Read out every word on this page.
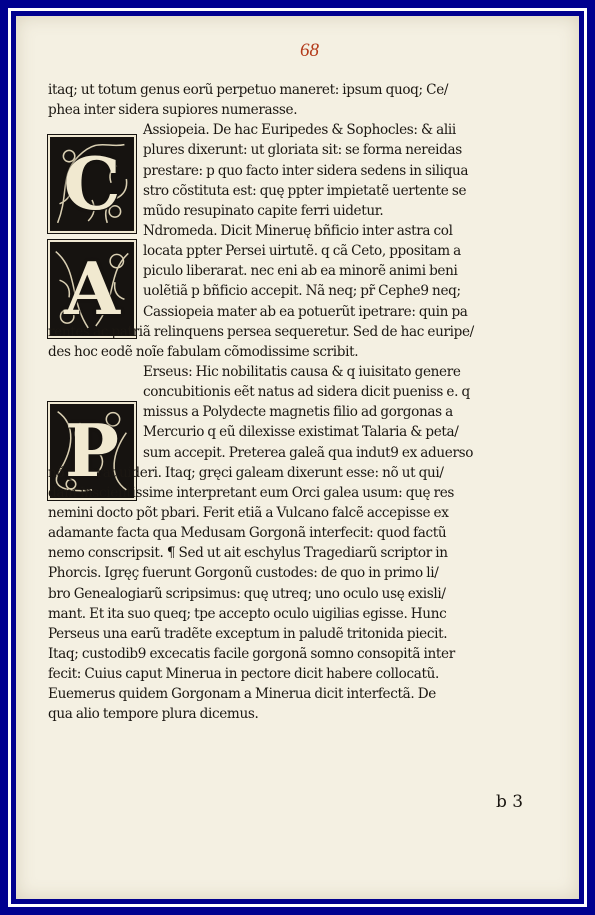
68
C
A
P
itaq; ut totum genus eorũ perpetuo maneret: ipsum quoq; Ce/
phea inter sidera supiores numerasse.
Assiopeia. De hac Euripedes & Sophocles: & alii
plures dixerunt: ut gloriata sit: se forma nereidas
prestare: p quo facto inter sidera sedens in siliqua
stro cõstituta est: quę ppter impietatẽ uertente se
mũdo resupinato capite ferri uidetur.
Ndromeda. Dicit Mineruę bñficio inter astra col
locata ppter Persei uirtutẽ. q cã Ceto, ppositam a
piculo liberarat. nec eni ab ea minorẽ animi beni
uolẽtiã p bñficio accepit. Nã neq; pr̃ Cephe9 neq;
Cassiopeia mater ab ea potuerũt ipetrare: quin pa
rentes ac patriã relinquens persea sequeretur. Sed de hac euripe/
des hoc eodẽ noĩe fabulam cõmodissime scribit.
Erseus: Hic nobilitatis causa & q iuisitato genere
concubitionis eẽt natus ad sidera dicit pueniss e. q
missus a Polydecte magnetis filio ad gorgonas a
Mercurio q eũ dilexisse existimat Talaria & peta/
sum accepit. Preterea galeã qua indut9 ex aduerso
nõ poterat uideri. Itaq; gręci galeam dixerunt esse: nõ ut qui/
dam inscientissime interpretant eum Orci galea usum: quę res
nemini docto põt pbari. Ferit etiã a Vulcano falcẽ accepisse ex
adamante facta qua Medusam Gorgonã interfecit: quod factũ
nemo conscripsit. ¶ Sed ut ait eschylus Tragediarũ scriptor in
Phorcis. Igręç fuerunt Gorgonũ custodes: de quo in primo li/
bro Genealogiarũ scripsimus: quę utreq; uno oculo usę exisli/
mant. Et ita suo queq; tpe accepto oculo uigilias egisse. Hunc
Perseus una earũ tradẽte exceptum in paludẽ tritonida piecit.
Itaq; custodib9 excecatis facile gorgonã somno consopitã inter
fecit: Cuius caput Minerua in pectore dicit habere collocatũ.
Euemerus quidem Gorgonam a Minerua dicit interfectã. De
qua alio tempore plura dicemus.
b 3
